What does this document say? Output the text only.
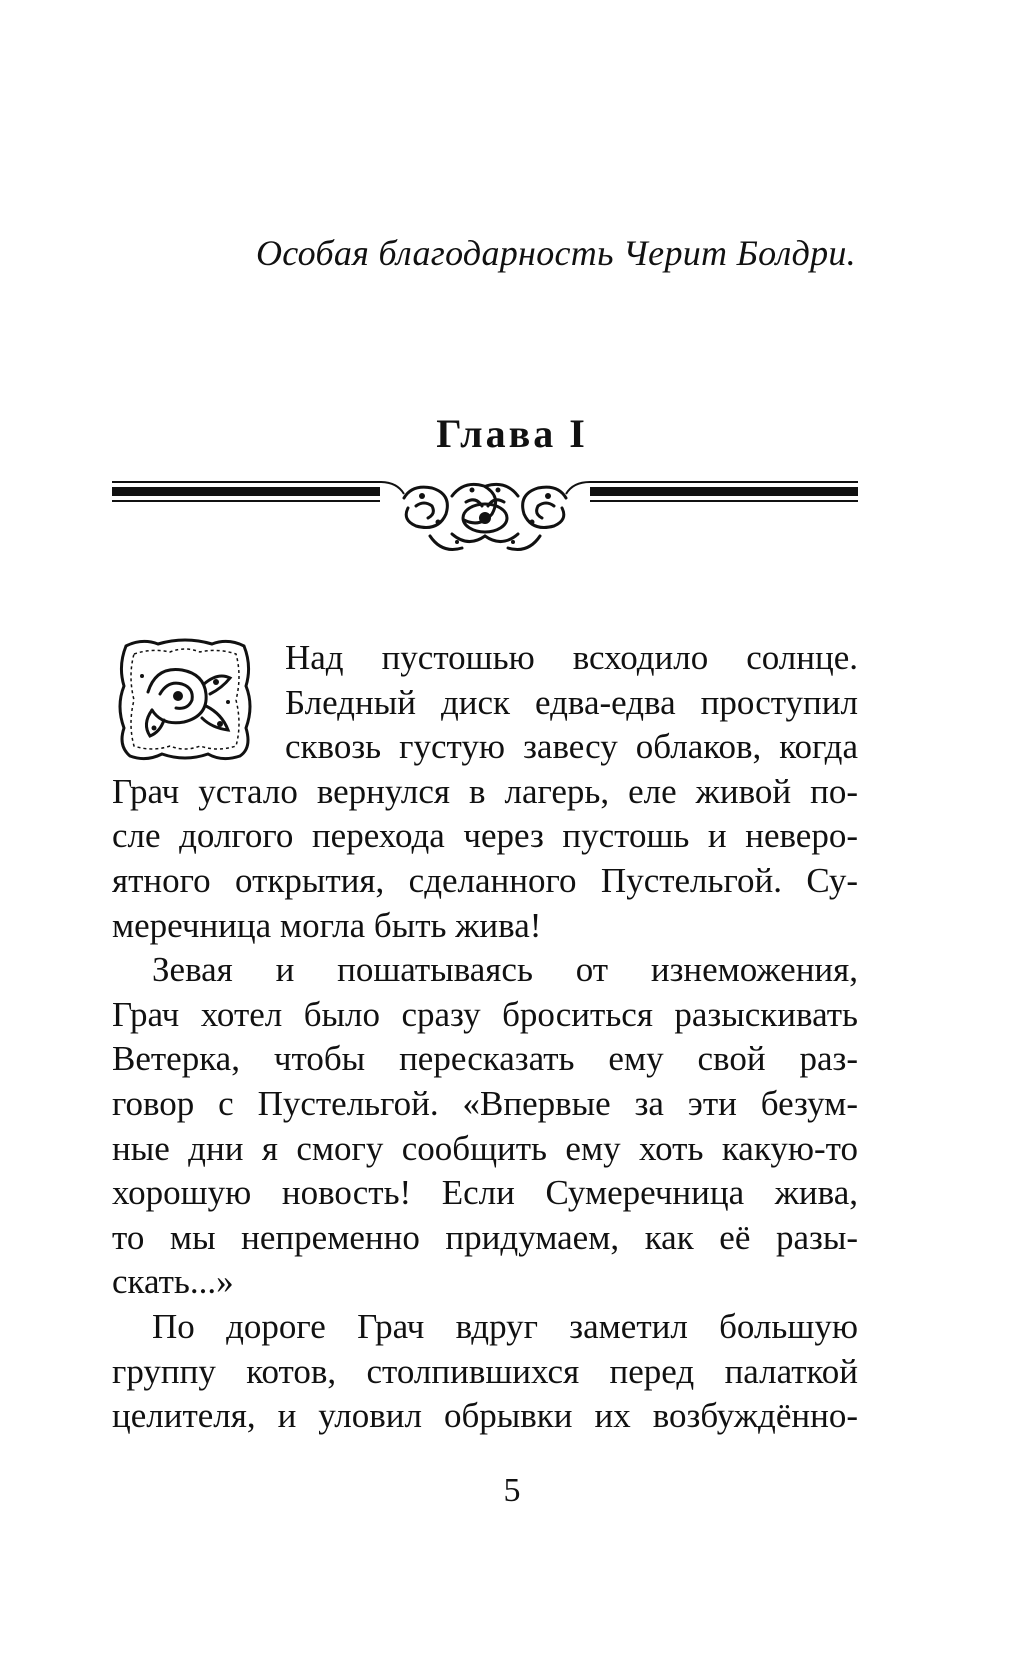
Особая благодарность Черит Болдри.
Глава I
Над пустошью всходило солнце.
Бледный диск едва-едва проступил
сквозь густую завесу облаков, когда
Грач устало вернулся в лагерь, еле живой по-
сле долгого перехода через пустошь и неверо-
ятного открытия, сделанного Пустельгой. Су-
меречница могла быть жива!
Зевая и пошатываясь от изнеможения,
Грач хотел было сразу броситься разыскивать
Ветерка, чтобы пересказать ему свой раз-
говор с Пустельгой. «Впервые за эти безум-
ные дни я смогу сообщить ему хоть какую-то
хорошую новость! Если Сумеречница жива,
то мы непременно придумаем, как её разы-
скать...»
По дороге Грач вдруг заметил большую
группу котов, столпившихся перед палаткой
целителя, и уловил обрывки их возбуждённо-
5
